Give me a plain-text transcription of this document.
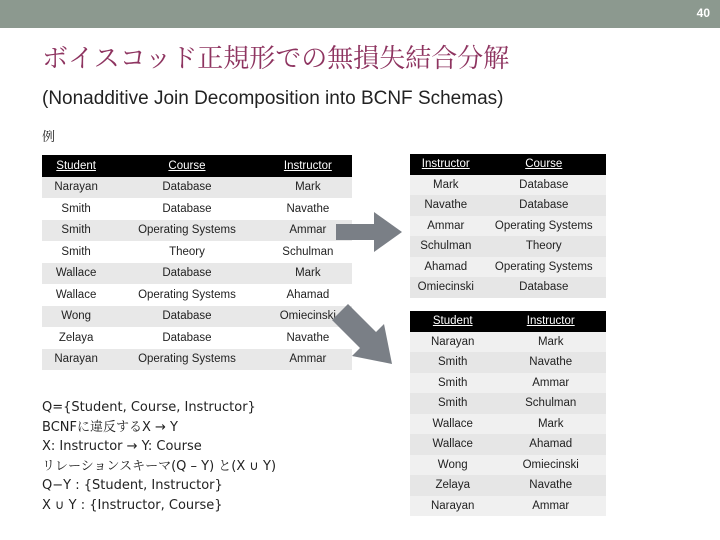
40
ボイスコッド正規形での無損失結合分解
(Nonadditive Join Decomposition into BCNF Schemas)
例
Student	Course	Instructor
Narayan	Database	Mark
Smith	Database	Navathe
Smith	Operating Systems	Ammar
Smith	Theory	Schulman
Wallace	Database	Mark
Wallace	Operating Systems	Ahamad
Wong	Database	Omiecinski
Zelaya	Database	Navathe
Narayan	Operating Systems	Ammar
Instructor	Course
Mark	Database
Navathe	Database
Ammar	Operating Systems
Schulman	Theory
Ahamad	Operating Systems
Omiecinski	Database
Student	Instructor
Narayan	Mark
Smith	Navathe
Smith	Ammar
Smith	Schulman
Wallace	Mark
Wallace	Ahamad
Wong	Omiecinski
Zelaya	Navathe
Narayan	Ammar
Q={Student, Course, Instructor}
BCNFに違反するX → Y
X: Instructor → Y: Course
リレーションスキーマ(Q – Y) と(X ∪ Y)
Q−Y : {Student, Instructor}
X ∪ Y : {Instructor, Course}
